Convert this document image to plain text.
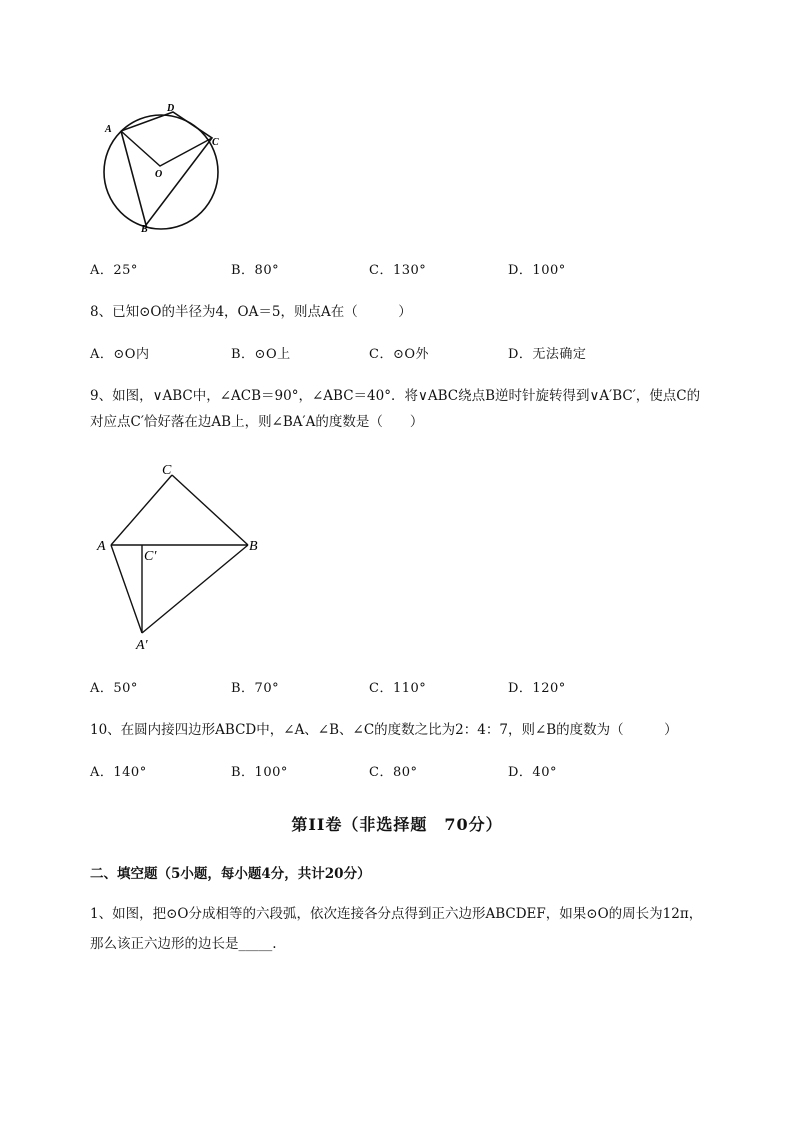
A
D
C
O
B
A．25°	B．80°	C．130°	D．100°
8、已知⊙O的半径为4，OA＝5，则点A在（　　　）
A．⊙O内	B．⊙O上	C．⊙O外	D．无法确定
9、如图，∨ABC中，∠ACB＝90°，∠ABC＝40°．将∨ABC绕点B逆时针旋转得到∨A′BC′，使点C的
对应点C′恰好落在边AB上，则∠BA′A的度数是（　　）
C
A	B
C′
A′
A．50°	B．70°	C．110°	D．120°
10、在圆内接四边形ABCD中，∠A、∠B、∠C的度数之比为2：4：7，则∠B的度数为（　　　）
A．140°	B．100°	C．80°	D．40°
第II卷（非选择题　70分）
二、填空题（5小题，每小题4分，共计20分）
1、如图，把⊙O分成相等的六段弧，依次连接各分点得到正六边形ABCDEF，如果⊙O的周长为12π，
那么该正六边形的边长是_____.
